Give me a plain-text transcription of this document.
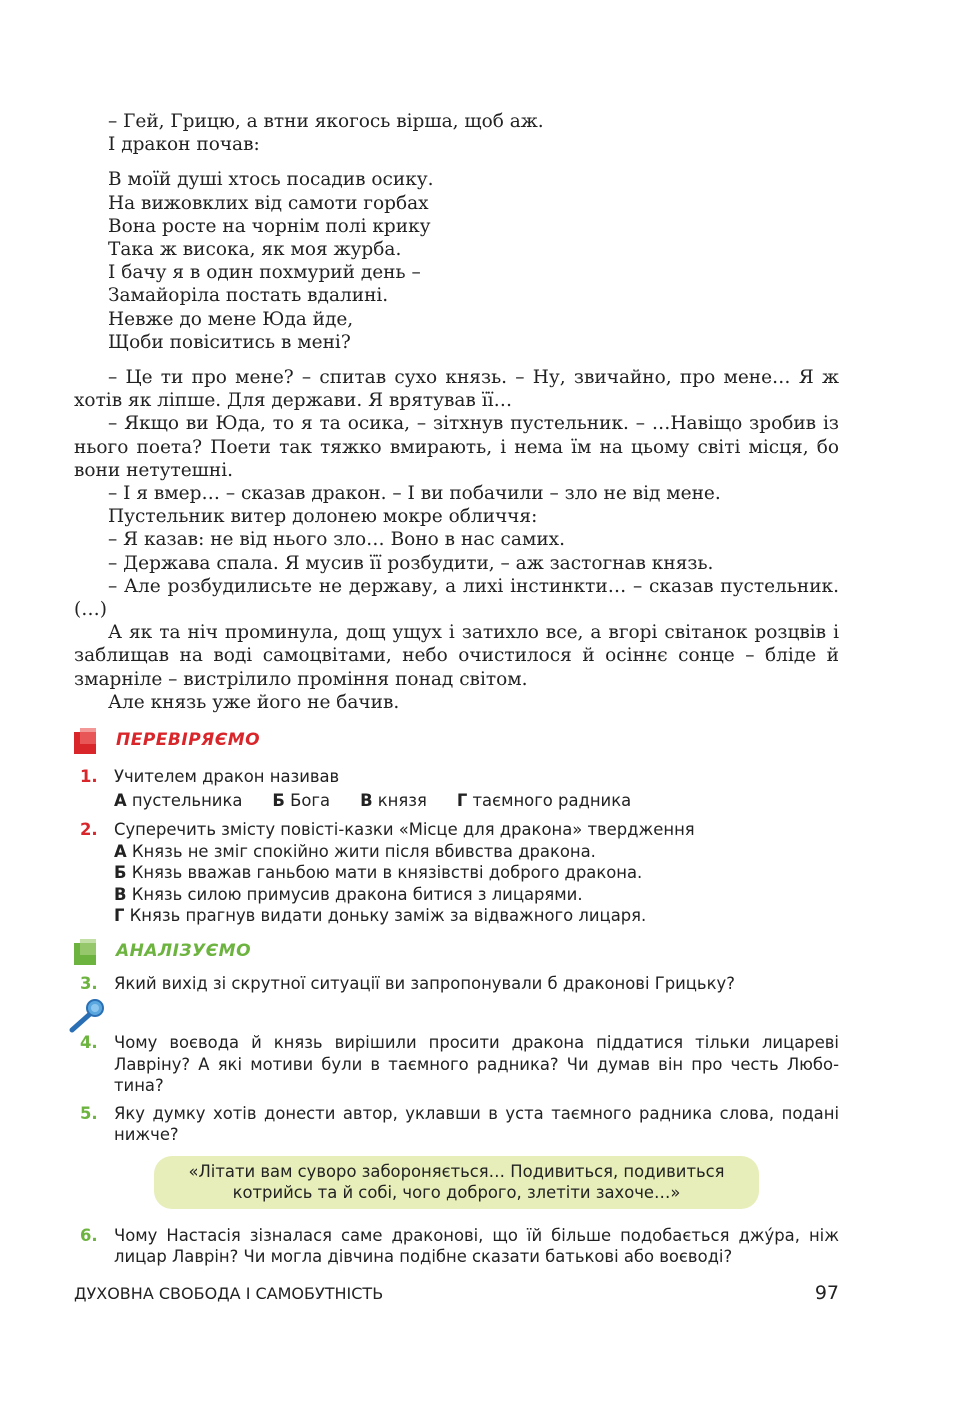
– Гей, Грицю, а втни якогось вірша, щоб аж.

І дракон почав:

В моїй душі хтось посадив осику.
На вижовклих від самоти горбах
Вона росте на чорнім полі крику
Така ж висока, як моя журба.
І бачу я в один похмурий день –
Замайоріла постать вдалині.
Невже до мене Юда йде,
Щоби повіситись в мені?

– Це ти про мене? – спитав сухо князь. – Ну, звичайно, про мене… Я ж хотів як ліпше. Для держави. Я врятував її…

– Якщо ви Юда, то я та осика, – зітхнув пустельник. – …Навіщо зробив із нього поета? Поети так тяжко вмирають, і нема їм на цьому світі місця, бо вони нетутешні.

– І я вмер… – сказав дракон. – І ви побачили – зло не від мене.

Пустельник витер долонею мокре обличчя:

– Я казав: не від нього зло… Воно в нас самих.

– Держава спала. Я мусив її розбудити, – аж застогнав князь.

– Але розбудилисьте не державу, а лихі інстинкти… – сказав пустельник. (…)

А як та ніч проминула, дощ ущух і затихло все, а вгорі світанок розцвів і заблищав на воді самоцвітами, небо очистилося й осіннє сонце – бліде й змарніле – вистрілило проміння понад світом.

Але князь уже його не бачив.

ПЕРЕВІРЯЄМО
1. Учителем дракон називав
А пустельника Б Бога В князя Г таємного радника
2. Суперечить змісту повісті-казки «Місце для дракона» твердження
А Князь не зміг спокійно жити після вбивства дракона.
Б Князь вважав ганьбою мати в князівстві доброго дракона.
В Князь силою примусив дракона битися з лицарями.
Г Князь прагнув видати доньку заміж за відважного лицаря.
АНАЛІЗУЄМО
3. Який вихід зі скрутної ситуації ви запропонували б драконові Грицьку?
4. Чому воєвода й князь вирішили просити дракона піддатися тільки лицареві Лавріну? А які мотиви були в таємного радника? Чи думав він про честь Люботина?
5. Яку думку хотів донести автор, уклавши в уста таємного радника слова, подані нижче?
«Літати вам суворо забороняється… Подивиться, подивиться котрийсь та й собі, чого доброго, злетіти захоче…»
6. Чому Настасія зізналася саме драконові, що їй більше подобається джýра, ніж лицар Лаврін? Чи могла дівчина подібне сказати батькові або воєводі?
ДУХОВНА СВОБОДА І САМОБУТНІСТЬ	97
